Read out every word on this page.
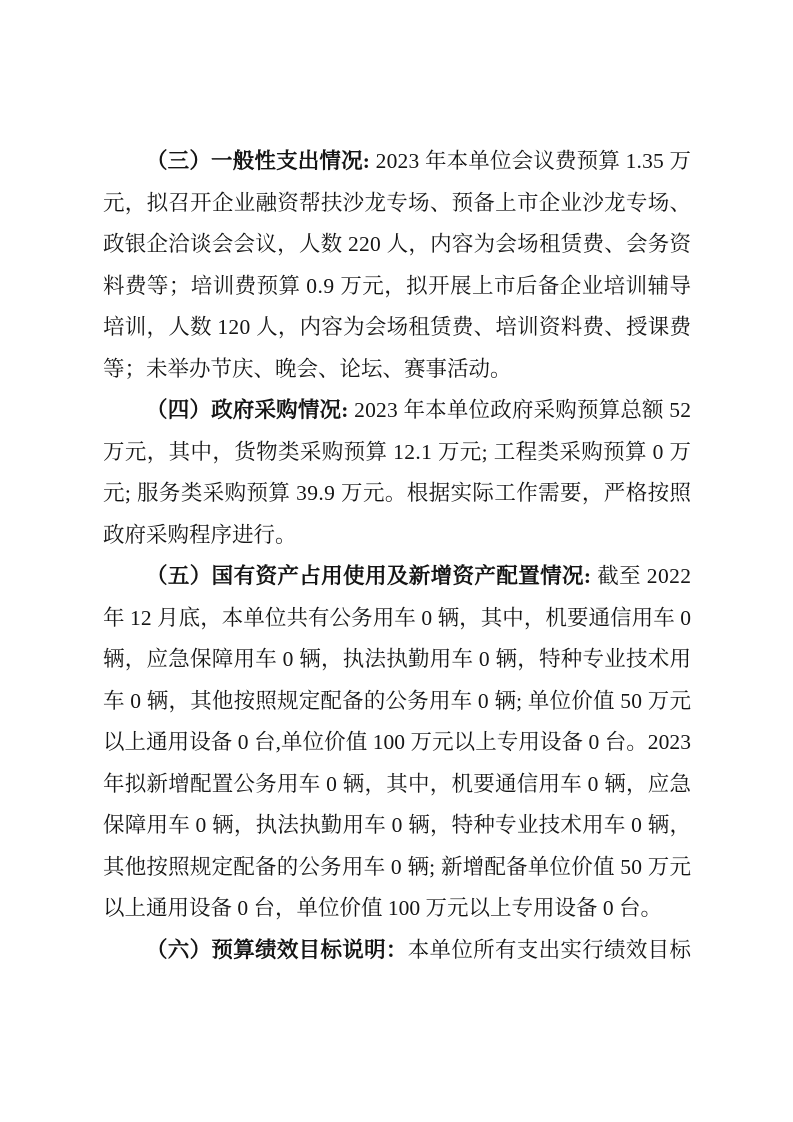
（三）一般性支出情况: 2023 年本单位会议费预算 1.35 万
元，拟召开企业融资帮扶沙龙专场、预备上市企业沙龙专场、
政银企洽谈会会议，人数 220 人，内容为会场租赁费、会务资
料费等；培训费预算 0.9 万元，拟开展上市后备企业培训辅导
培训，人数 120 人，内容为会场租赁费、培训资料费、授课费
等；未举办节庆、晚会、论坛、赛事活动。
（四）政府采购情况: 2023 年本单位政府采购预算总额 52
万元，其中，货物类采购预算 12.1 万元; 工程类采购预算 0 万
元; 服务类采购预算 39.9 万元。根据实际工作需要，严格按照
政府采购程序进行。
（五）国有资产占用使用及新增资产配置情况: 截至 2022
年 12 月底，本单位共有公务用车 0 辆，其中，机要通信用车 0
辆，应急保障用车 0 辆，执法执勤用车 0 辆，特种专业技术用
车 0 辆，其他按照规定配备的公务用车 0 辆; 单位价值 50 万元
以上通用设备 0 台,单位价值 100 万元以上专用设备 0 台。2023
年拟新增配置公务用车 0 辆，其中，机要通信用车 0 辆，应急
保障用车 0 辆，执法执勤用车 0 辆，特种专业技术用车 0 辆，
其他按照规定配备的公务用车 0 辆; 新增配备单位价值 50 万元
以上通用设备 0 台，单位价值 100 万元以上专用设备 0 台。
（六）预算绩效目标说明：本单位所有支出实行绩效目标
